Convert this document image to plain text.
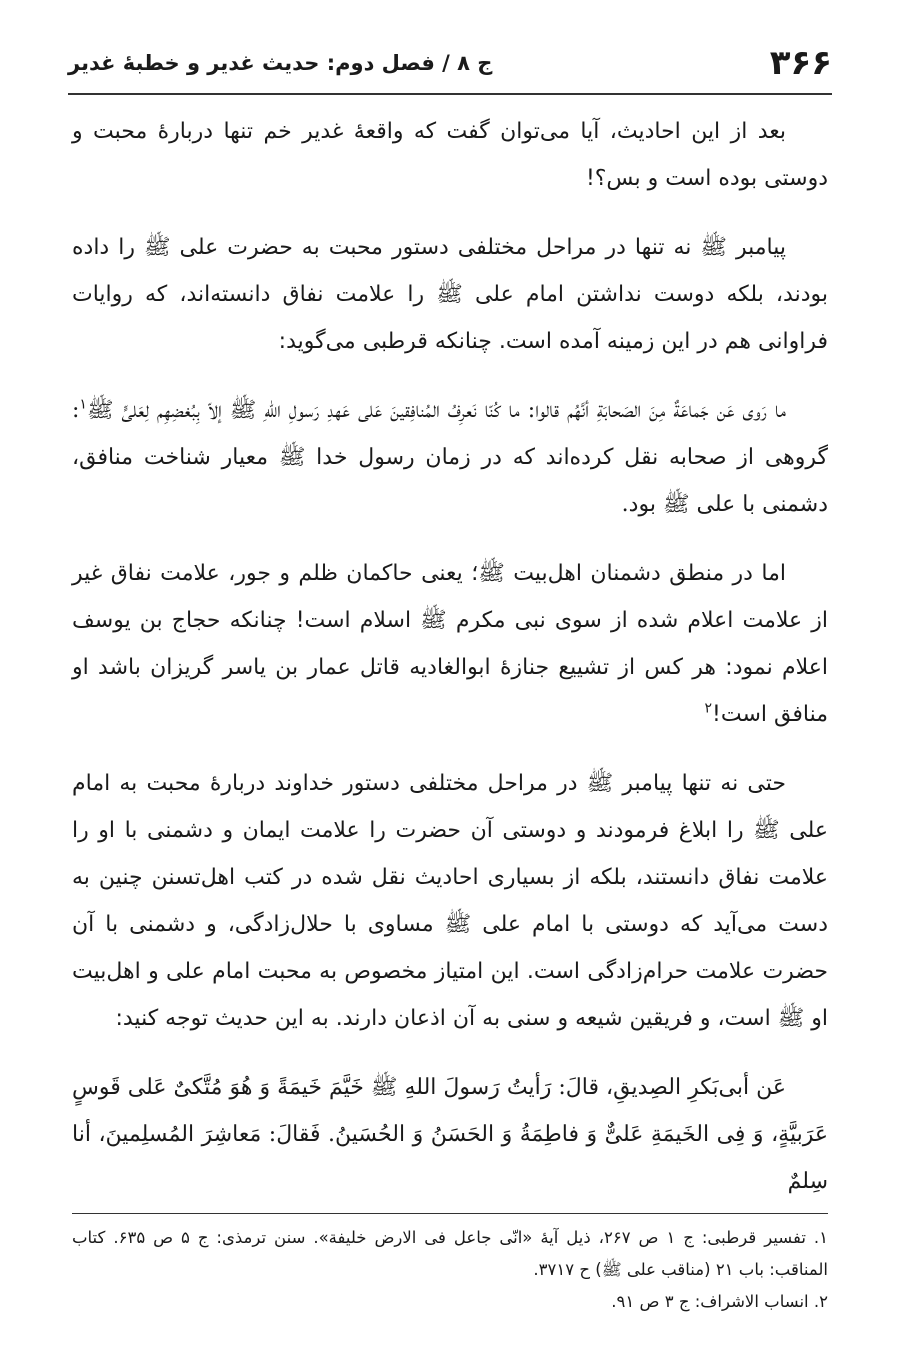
۳۶۶
ج ۸ / فصل دوم: حدیث غدیر و خطبهٔ غدیر

بعد از این احادیث، آیا می‌توان گفت که واقعهٔ غدیر خم تنها دربارهٔ محبت و دوستی بوده است و بس؟!

پیامبر ﷺ نه تنها در مراحل مختلفی دستور محبت به حضرت علی ﷺ را داده بودند، بلکه دوست نداشتن امام علی ﷺ را علامت نفاق دانسته‌اند، که روایات فراوانی هم در این زمینه آمده است. چنانکه قرطبی می‌گوید:

ما رَوی عَن جَماعَةٌ مِنَ الصَحابَةِ أنَّهُم قالوا: ما کُنّا نَعرِفُ المُنافِقینَ عَلی عَهدِ رَسولِ اللهِ ﷺ إلاّ بِبُغضِهِم لِعَلیٍّ ﷺ$^۱$: گروهی از صحابه نقل کرده‌اند که در زمان رسول خدا ﷺ معیار شناخت منافق، دشمنی با علی ﷺ بود.

اما در منطق دشمنان اهل‌بیت ﷺ؛ یعنی حاکمان ظلم و جور، علامت نفاق غیر از علامت اعلام شده از سوی نبی مکرم ﷺ اسلام است! چنانکه حجاج بن یوسف اعلام نمود: هر کس از تشییع جنازهٔ ابوالغادیه قاتل عمار بن یاسر گریزان باشد او منافق است!$^۲$

حتی نه تنها پیامبر ﷺ در مراحل مختلفی دستور خداوند دربارهٔ محبت به امام علی ﷺ را ابلاغ فرمودند و دوستی آن حضرت را علامت ایمان و دشمنی با او را علامت نفاق دانستند، بلکه از بسیاری احادیث نقل شده در کتب اهل‌تسنن چنین به دست می‌آید که دوستی با امام علی ﷺ مساوی با حلال‌زادگی، و دشمنی با آن حضرت علامت حرام‌زادگی است. این امتیاز مخصوص به محبت امام علی و اهل‌بیت او ﷺ است، و فریقین شیعه و سنی به آن اذعان دارند. به این حدیث توجه کنید:

عَن أبی‌بَکرِ الصِدیقِ، قالَ: رَأیتُ رَسولَ اللهِ ﷺ خَیَّمَ خَیمَةً وَ هُوَ مُتَّکیٌ عَلی قَوسٍ عَرَبیَّةٍ، وَ فِی الخَیمَةِ عَلیٌّ وَ فاطِمَةُ وَ الحَسَنُ وَ الحُسَینُ. فَقالَ: مَعاشِرَ المُسلِمینَ، أنا سِلمٌ

۱. تفسیر قرطبی: ج ۱ ص ۲۶۷، ذیل آیهٔ «انّی جاعل فی الارض خلیفة». سنن ترمذی: ج ۵ ص ۶۳۵. کتاب المناقب: باب ۲۱ (مناقب علی ﷺ) ح ۳۷۱۷.

۲. انساب الاشراف: ج ۳ ص ۹۱.
